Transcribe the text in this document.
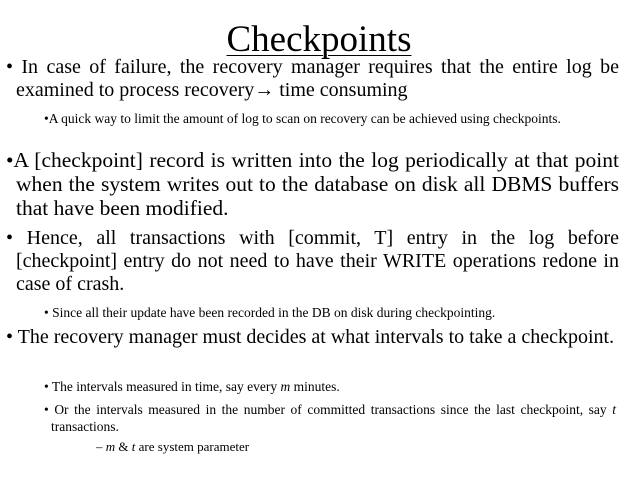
Checkpoints

• In case of failure, the recovery manager requires that the entire log be examined to process recovery→ time consuming

•A quick way to limit the amount of log to scan on recovery can be achieved using checkpoints.

•A [checkpoint] record is written into the log periodically at that point when the system writes out to the database on disk all DBMS buffers that have been modified.

• Hence, all transactions with [commit, T] entry in the log before [checkpoint] entry do not need to have their WRITE operations redone in case of crash.

• Since all their update have been recorded in the DB on disk during checkpointing.

• The recovery manager must decides at what intervals to take a checkpoint.

• The intervals measured in time, say every m minutes.

• Or the intervals measured in the number of committed transactions since the last checkpoint, say t transactions.

– m & t are system parameter
